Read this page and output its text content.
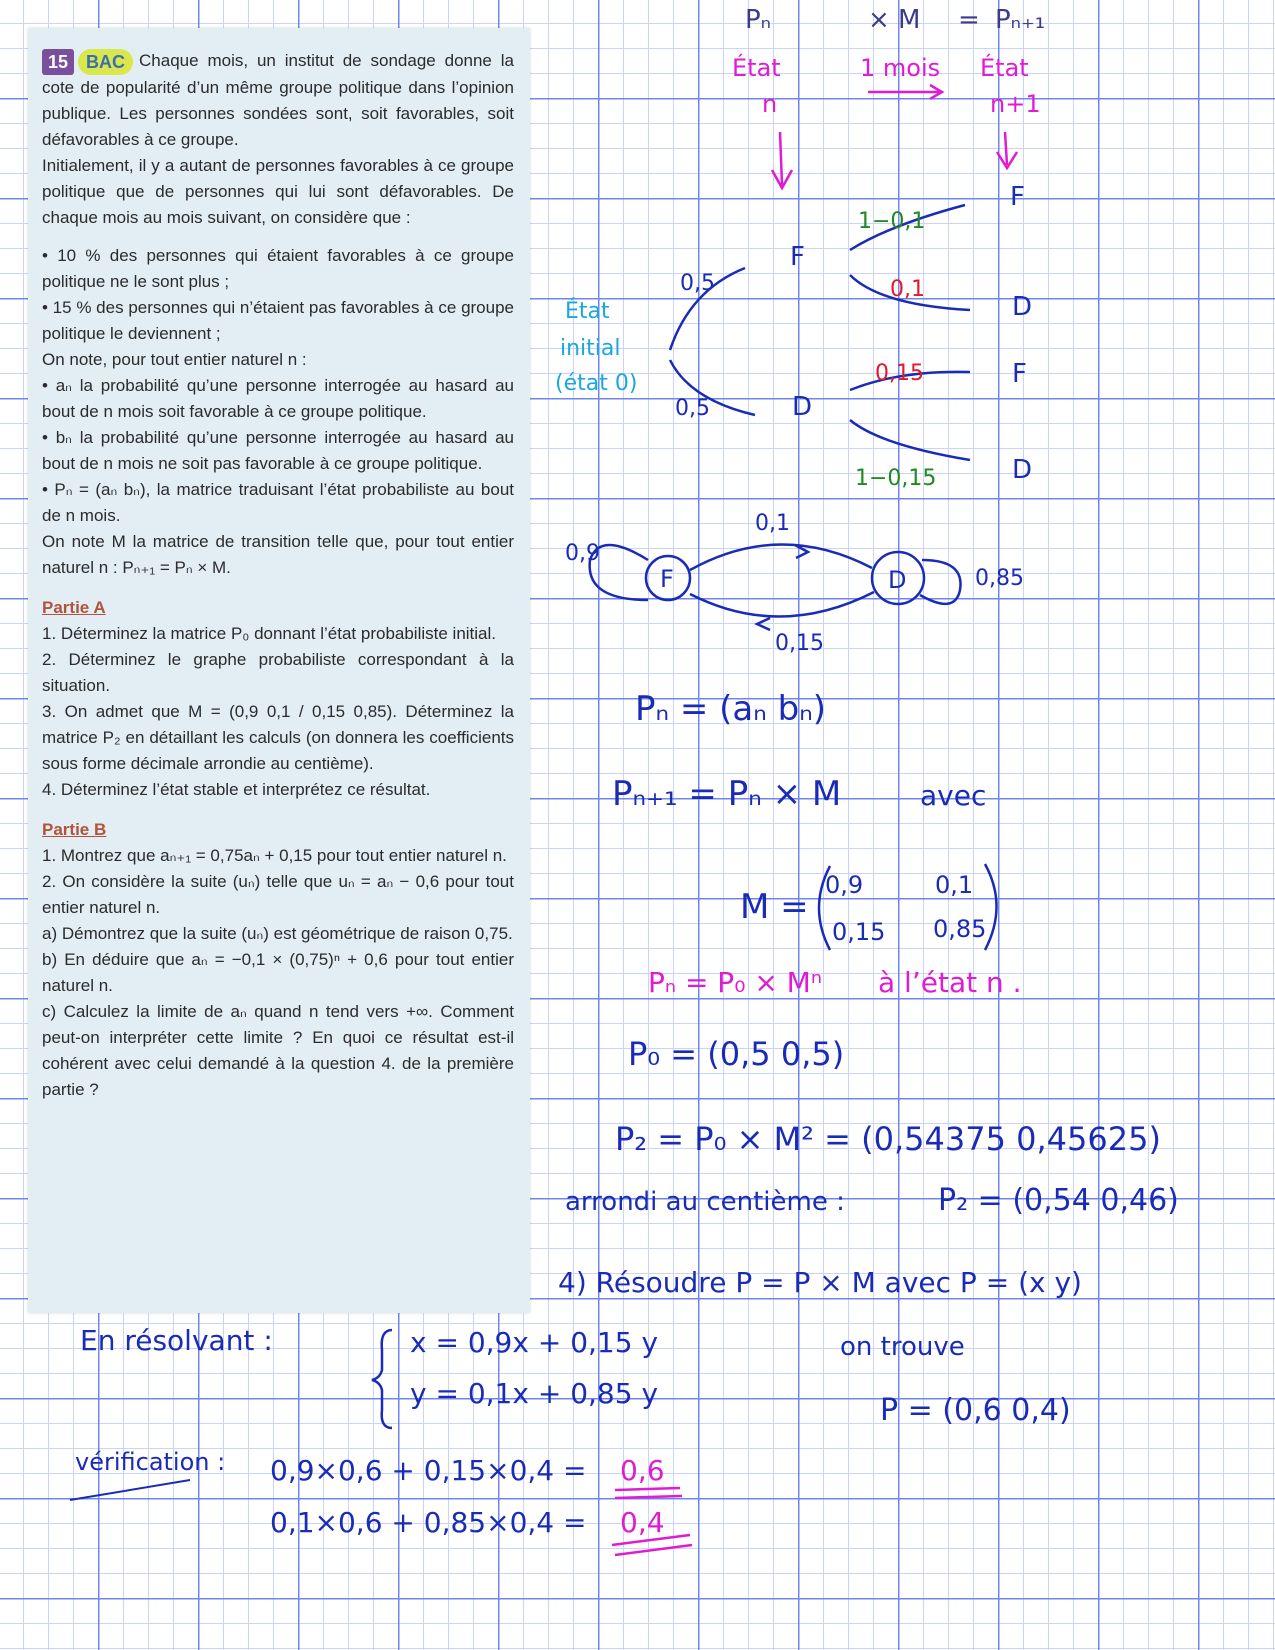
15 BAC Chaque mois, un institut de sondage donne la cote de popularité d’un même groupe politique dans l’opinion publique. Les personnes sondées sont, soit favorables, soit défavorables à ce groupe.

Initialement, il y a autant de personnes favorables à ce groupe politique que de personnes qui lui sont défavorables. De chaque mois au mois suivant, on considère que :

• 10 % des personnes qui étaient favorables à ce groupe politique ne le sont plus ;

• 15 % des personnes qui n’étaient pas favorables à ce groupe politique le deviennent ;

On note, pour tout entier naturel n :

• aₙ la probabilité qu’une personne interrogée au hasard au bout de n mois soit favorable à ce groupe politique.

• bₙ la probabilité qu’une personne interrogée au hasard au bout de n mois ne soit pas favorable à ce groupe politique.

• Pₙ = (aₙ bₙ), la matrice traduisant l’état probabiliste au bout de n mois.

On note M la matrice de transition telle que, pour tout entier naturel n : Pₙ₊₁ = Pₙ × M.

Partie A

1. Déterminez la matrice P₀ donnant l’état probabiliste initial.

2. Déterminez le graphe probabiliste correspondant à la situation.

3. On admet que M = (0,9 0,1 / 0,15 0,85). Déterminez la matrice P₂ en détaillant les calculs (on donnera les coefficients sous forme décimale arrondie au centième).

4. Déterminez l’état stable et interprétez ce résultat.

Partie B

1. Montrez que aₙ₊₁ = 0,75aₙ + 0,15 pour tout entier naturel n.

2. On considère la suite (uₙ) telle que uₙ = aₙ − 0,6 pour tout entier naturel n.

a) Démontrez que la suite (uₙ) est géométrique de raison 0,75.

b) En déduire que aₙ = −0,1 × (0,75)ⁿ + 0,6 pour tout entier naturel n.

c) Calculez la limite de aₙ quand n tend vers +∞. Comment peut-on interpréter cette limite ? En quoi ce résultat est-il cohérent avec celui demandé à la question 4. de la première partie ?

Pₙ	× M = Pₙ₊₁
État
n
1 mois État
n+1
État
initial
(état 0)
0,5
0,5
F
D
F
D
F
D
1−0,1
0,1
0,15
1−0,15
F	D
0,9
0,85
0,1
0,15
Pₙ = (aₙ bₙ)
Pₙ₊₁ = Pₙ × M	avec
M =
0,9	0,1
0,15 0,85
Pₙ = P₀ × Mⁿ à l’état n .
P₀ = (0,5 0,5)
P₂ = P₀ × M² = (0,54375 0,45625)
arrondi au centième :	P₂ = (0,54 0,46)
4) Résoudre P = P × M avec P = (x y)
En résolvant :	x = 0,9x + 0,15 y
y = 0,1x + 0,85 y
on trouve
P = (0,6 0,4)
vérification : 0,9×0,6 + 0,15×0,4 =
0,1×0,6 + 0,85×0,4 =
0,6
0,4
